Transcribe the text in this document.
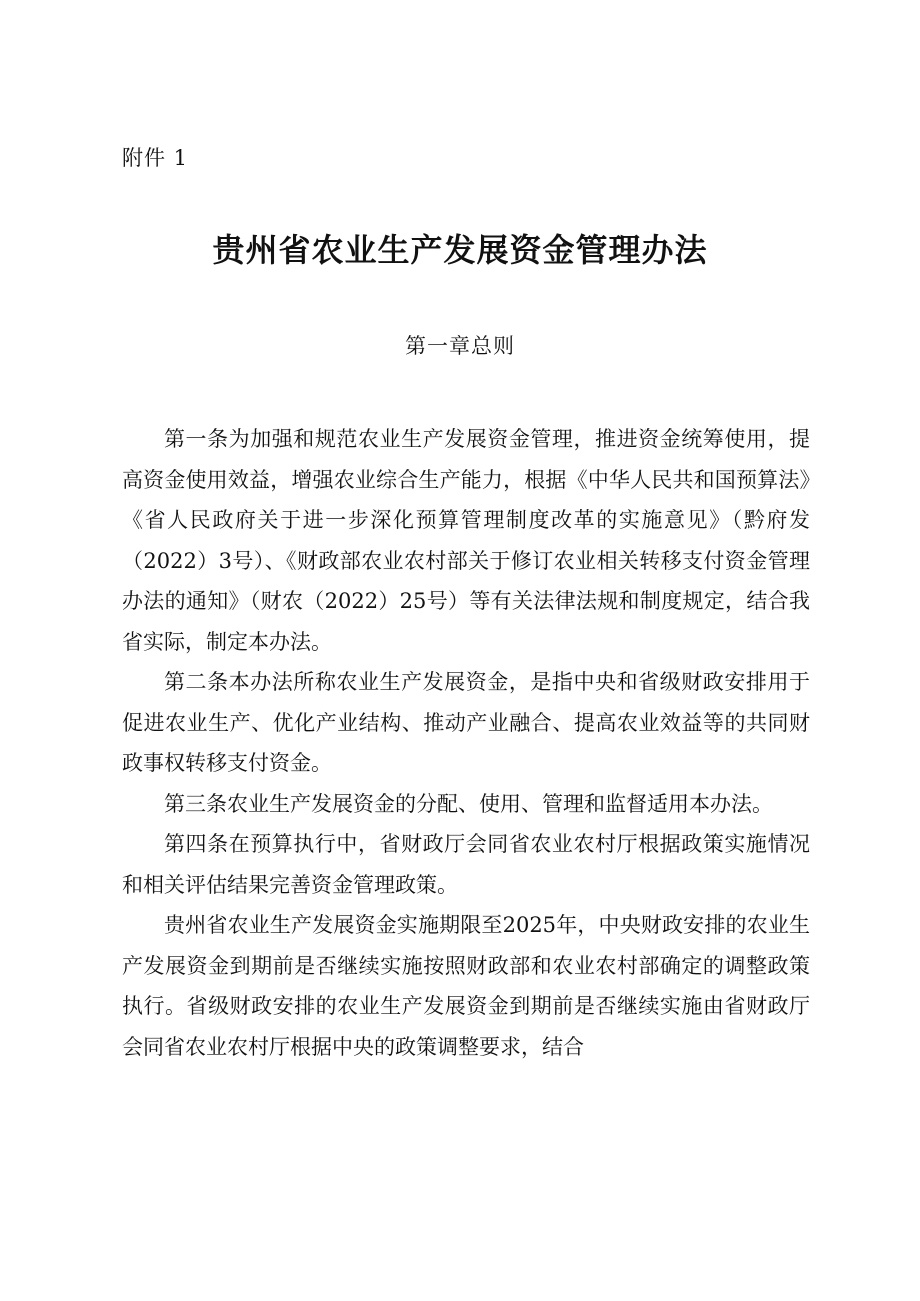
附件 1
贵州省农业生产发展资金管理办法
第一章总则

第一条为加强和规范农业生产发展资金管理，推进资金统筹使用，提高资金使用效益，增强农业综合生产能力，根据《中华人民共和国预算法》《省人民政府关于进一步深化预算管理制度改革的实施意见》（黔府发（2022）3号）、《财政部农业农村部关于修订农业相关转移支付资金管理办法的通知》（财农（2022）25号）等有关法律法规和制度规定，结合我省实际，制定本办法。

第二条本办法所称农业生产发展资金，是指中央和省级财政安排用于促进农业生产、优化产业结构、推动产业融合、提高农业效益等的共同财政事权转移支付资金。

第三条农业生产发展资金的分配、使用、管理和监督适用本办法。

第四条在预算执行中，省财政厅会同省农业农村厅根据政策实施情况和相关评估结果完善资金管理政策。

贵州省农业生产发展资金实施期限至2025年，中央财政安排的农业生产发展资金到期前是否继续实施按照财政部和农业农村部确定的调整政策执行。省级财政安排的农业生产发展资金到期前是否继续实施由省财政厅会同省农业农村厅根据中央的政策调整要求，结合
